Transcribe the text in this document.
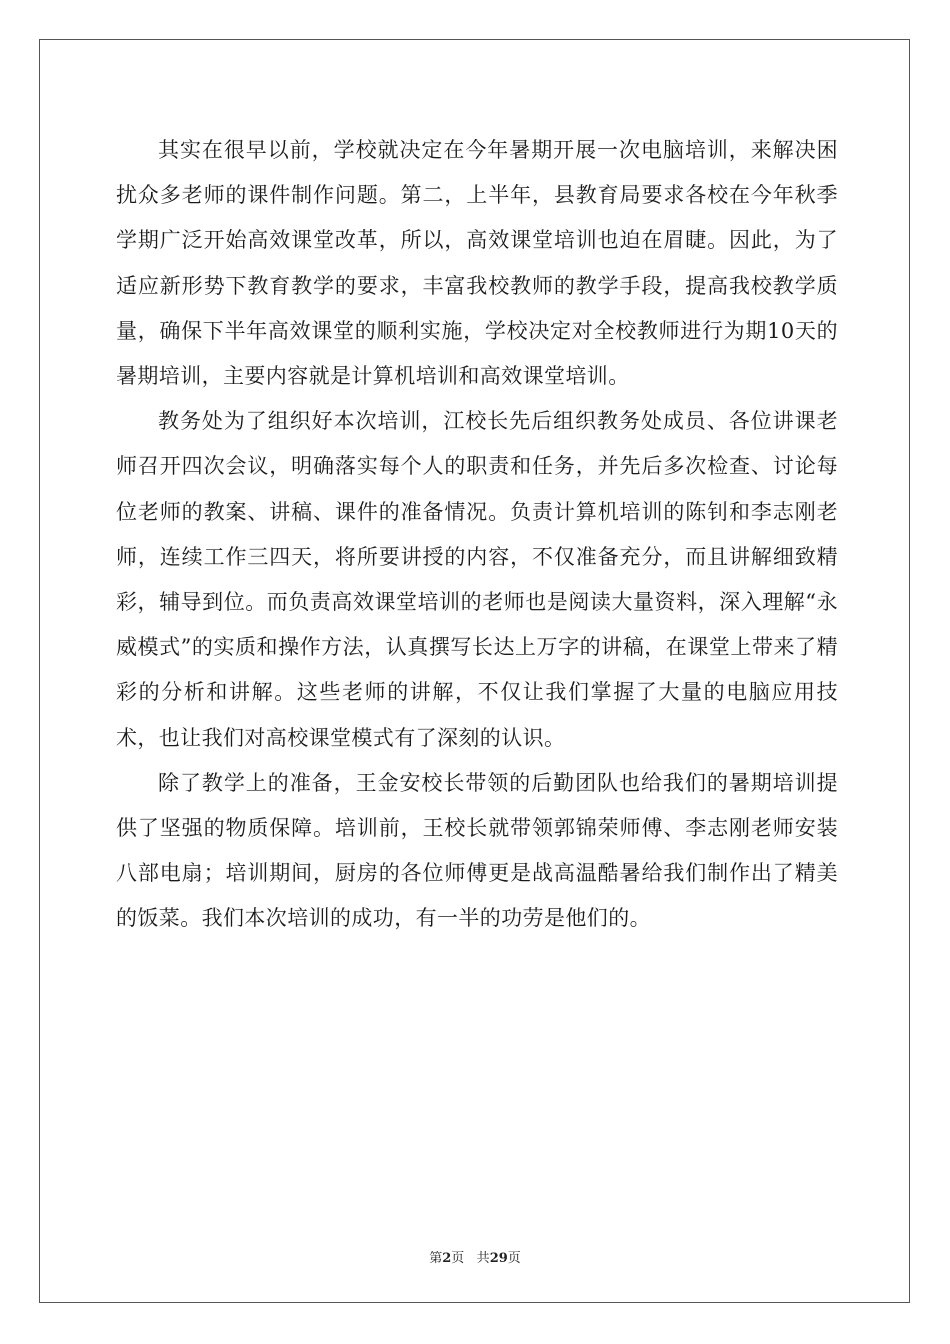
其实在很早以前，学校就决定在今年暑期开展一次电脑培训，来解决困扰众多老师的课件制作问题。第二，上半年，县教育局要求各校在今年秋季学期广泛开始高效课堂改革，所以，高效课堂培训也迫在眉睫。因此，为了适应新形势下教育教学的要求，丰富我校教师的教学手段，提高我校教学质量，确保下半年高效课堂的顺利实施，学校决定对全校教师进行为期10天的暑期培训，主要内容就是计算机培训和高效课堂培训。

教务处为了组织好本次培训，江校长先后组织教务处成员、各位讲课老师召开四次会议，明确落实每个人的职责和任务，并先后多次检查、讨论每位老师的教案、讲稿、课件的准备情况。负责计算机培训的陈钊和李志刚老师，连续工作三四天，将所要讲授的内容，不仅准备充分，而且讲解细致精彩，辅导到位。而负责高效课堂培训的老师也是阅读大量资料，深入理解“永威模式”的实质和操作方法，认真撰写长达上万字的讲稿，在课堂上带来了精彩的分析和讲解。这些老师的讲解，不仅让我们掌握了大量的电脑应用技术，也让我们对高校课堂模式有了深刻的认识。

除了教学上的准备，王金安校长带领的后勤团队也给我们的暑期培训提供了坚强的物质保障。培训前，王校长就带领郭锦荣师傅、李志刚老师安装八部电扇；培训期间，厨房的各位师傅更是战高温酷暑给我们制作出了精美的饭菜。我们本次培训的成功，有一半的功劳是他们的。

第2页 共29页
